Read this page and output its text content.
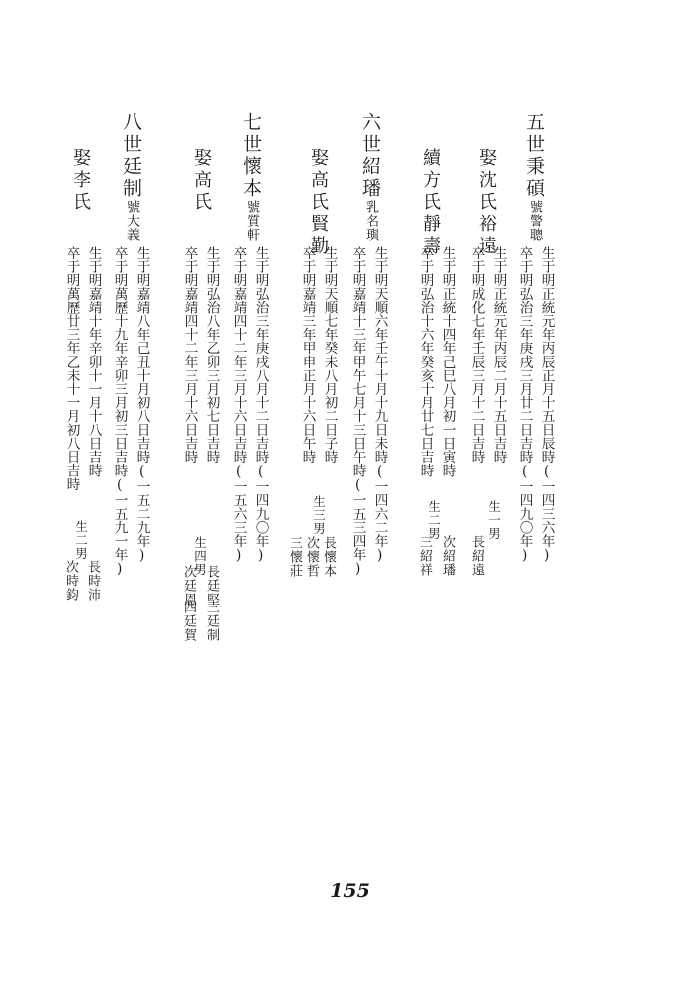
五世秉碩號警聰
生于明正統元年丙辰正月十五日辰時(一四三六年)
卒于明弘治三年庚戌三月廿二日吉時(一四九〇年)
娶沈氏裕遠
生于明正統元年丙辰二月十五日吉時
卒于明成化七年壬辰三月十二日吉時
生一男
長紹遠
續方氏靜壽
生于明正統十四年己巳八月初一日寅時
卒于明弘治十六年癸亥十月廿七日吉時
生二男
次紹璠
三紹祥
六世紹璠乳名璵
生于明天順六年壬午十月十九日未時(一四六二年)
卒于明嘉靖十三年甲午七月十三日午時(一五三四年)
娶高氏賢勤
生于明天順七年癸未八月初二日子時
卒于明嘉靖三年甲申正月十六日午時
生三男
長懷本
次懷哲
三懷莊
七世懷本號質軒
生于明弘治三年庚戌八月十二日吉時(一四九〇年)
卒于明嘉靖四十二年三月十六日吉時(一五六三年)
娶高氏
生于明弘治八年乙卯三月初七日吉時
卒于明嘉靖四十二年三月十六日吉時
生四男
長廷堅
次廷恩
三廷制
四廷賀
八世廷制號大義
生于明嘉靖八年己丑十月初八日吉時(一五二九年)
卒于明萬歷十九年辛卯三月初三日吉時(一五九一年)
娶李氏
生于明嘉靖十年辛卯十一月十八日吉時
卒于明萬歷廿三年乙未十一月初八日吉時
生二男
長時沛
次時鈞
155
